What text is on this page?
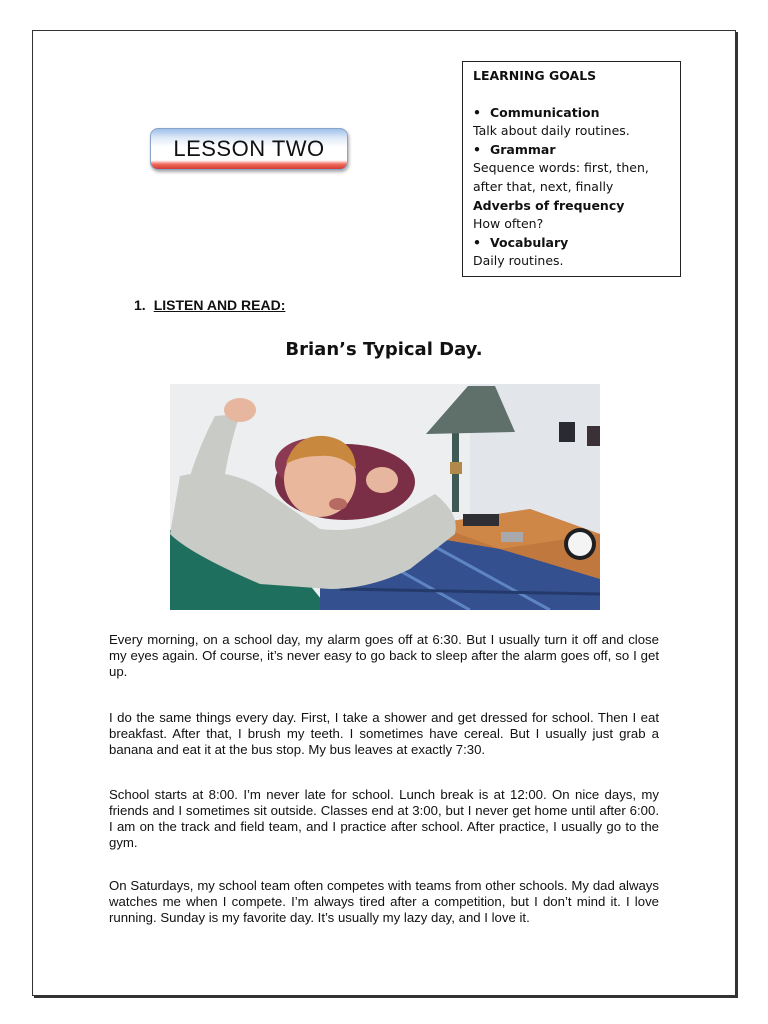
LESSON TWO
LEARNING GOALS
• Communication
Talk about daily routines.
• Grammar
Sequence words: first, then,
after that, next, finally
Adverbs of frequency
How often?
• Vocabulary
Daily routines.
1. LISTEN AND READ:
Brian’s Typical Day.

Every morning, on a school day, my alarm goes off at 6:30. But I usually turn it off and close my eyes again. Of course, it’s never easy to go back to sleep after the alarm goes off, so I get up.

I do the same things every day. First, I take a shower and get dressed for school. Then I eat breakfast. After that, I brush my teeth. I sometimes have cereal. But I usually just grab a banana and eat it at the bus stop. My bus leaves at exactly 7:30.

School starts at 8:00. I’m never late for school. Lunch break is at 12:00. On nice days, my friends and I sometimes sit outside. Classes end at 3:00, but I never get home until after 6:00. I am on the track and field team, and I practice after school. After practice, I usually go to the gym.

On Saturdays, my school team often competes with teams from other schools. My dad always watches me when I compete. I’m always tired after a competition, but I don’t mind it. I love running. Sunday is my favorite day. It’s usually my lazy day, and I love it.
